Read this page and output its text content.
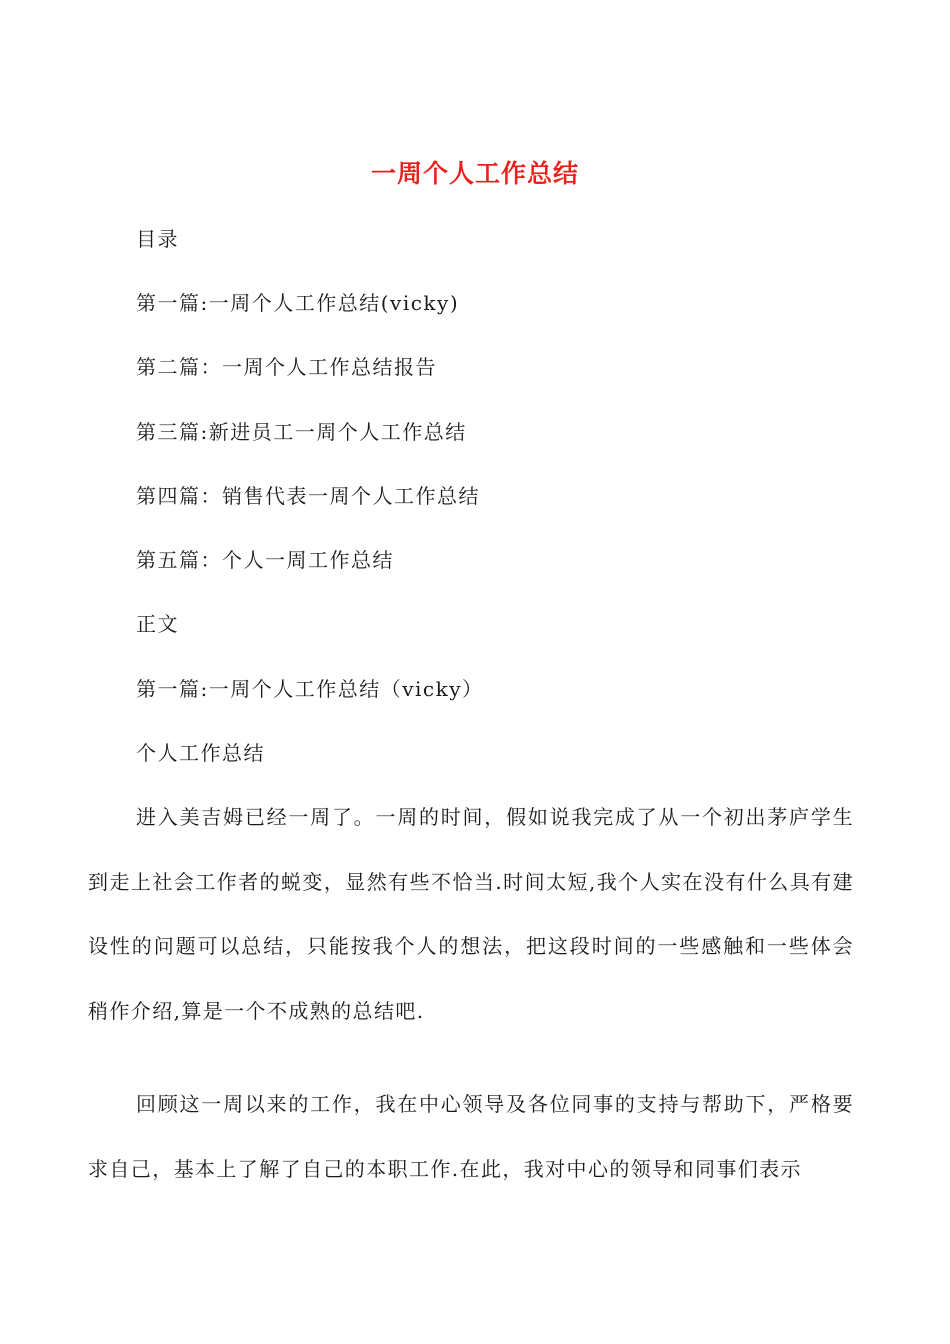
一周个人工作总结
目录
第一篇:一周个人工作总结(vicky)
第二篇：一周个人工作总结报告
第三篇:新进员工一周个人工作总结
第四篇：销售代表一周个人工作总结
第五篇：个人一周工作总结
正文
第一篇:一周个人工作总结（vicky）
个人工作总结
进入美吉姆已经一周了。一周的时间，假如说我完成了从一个初出茅庐学生到走上社会工作者的蜕变，显然有些不恰当.时间太短,我个人实在没有什么具有建设性的问题可以总结，只能按我个人的想法，把这段时间的一些感触和一些体会稍作介绍,算是一个不成熟的总结吧.
回顾这一周以来的工作，我在中心领导及各位同事的支持与帮助下，严格要求自己，基本上了解了自己的本职工作.在此，我对中心的领导和同事们表示
